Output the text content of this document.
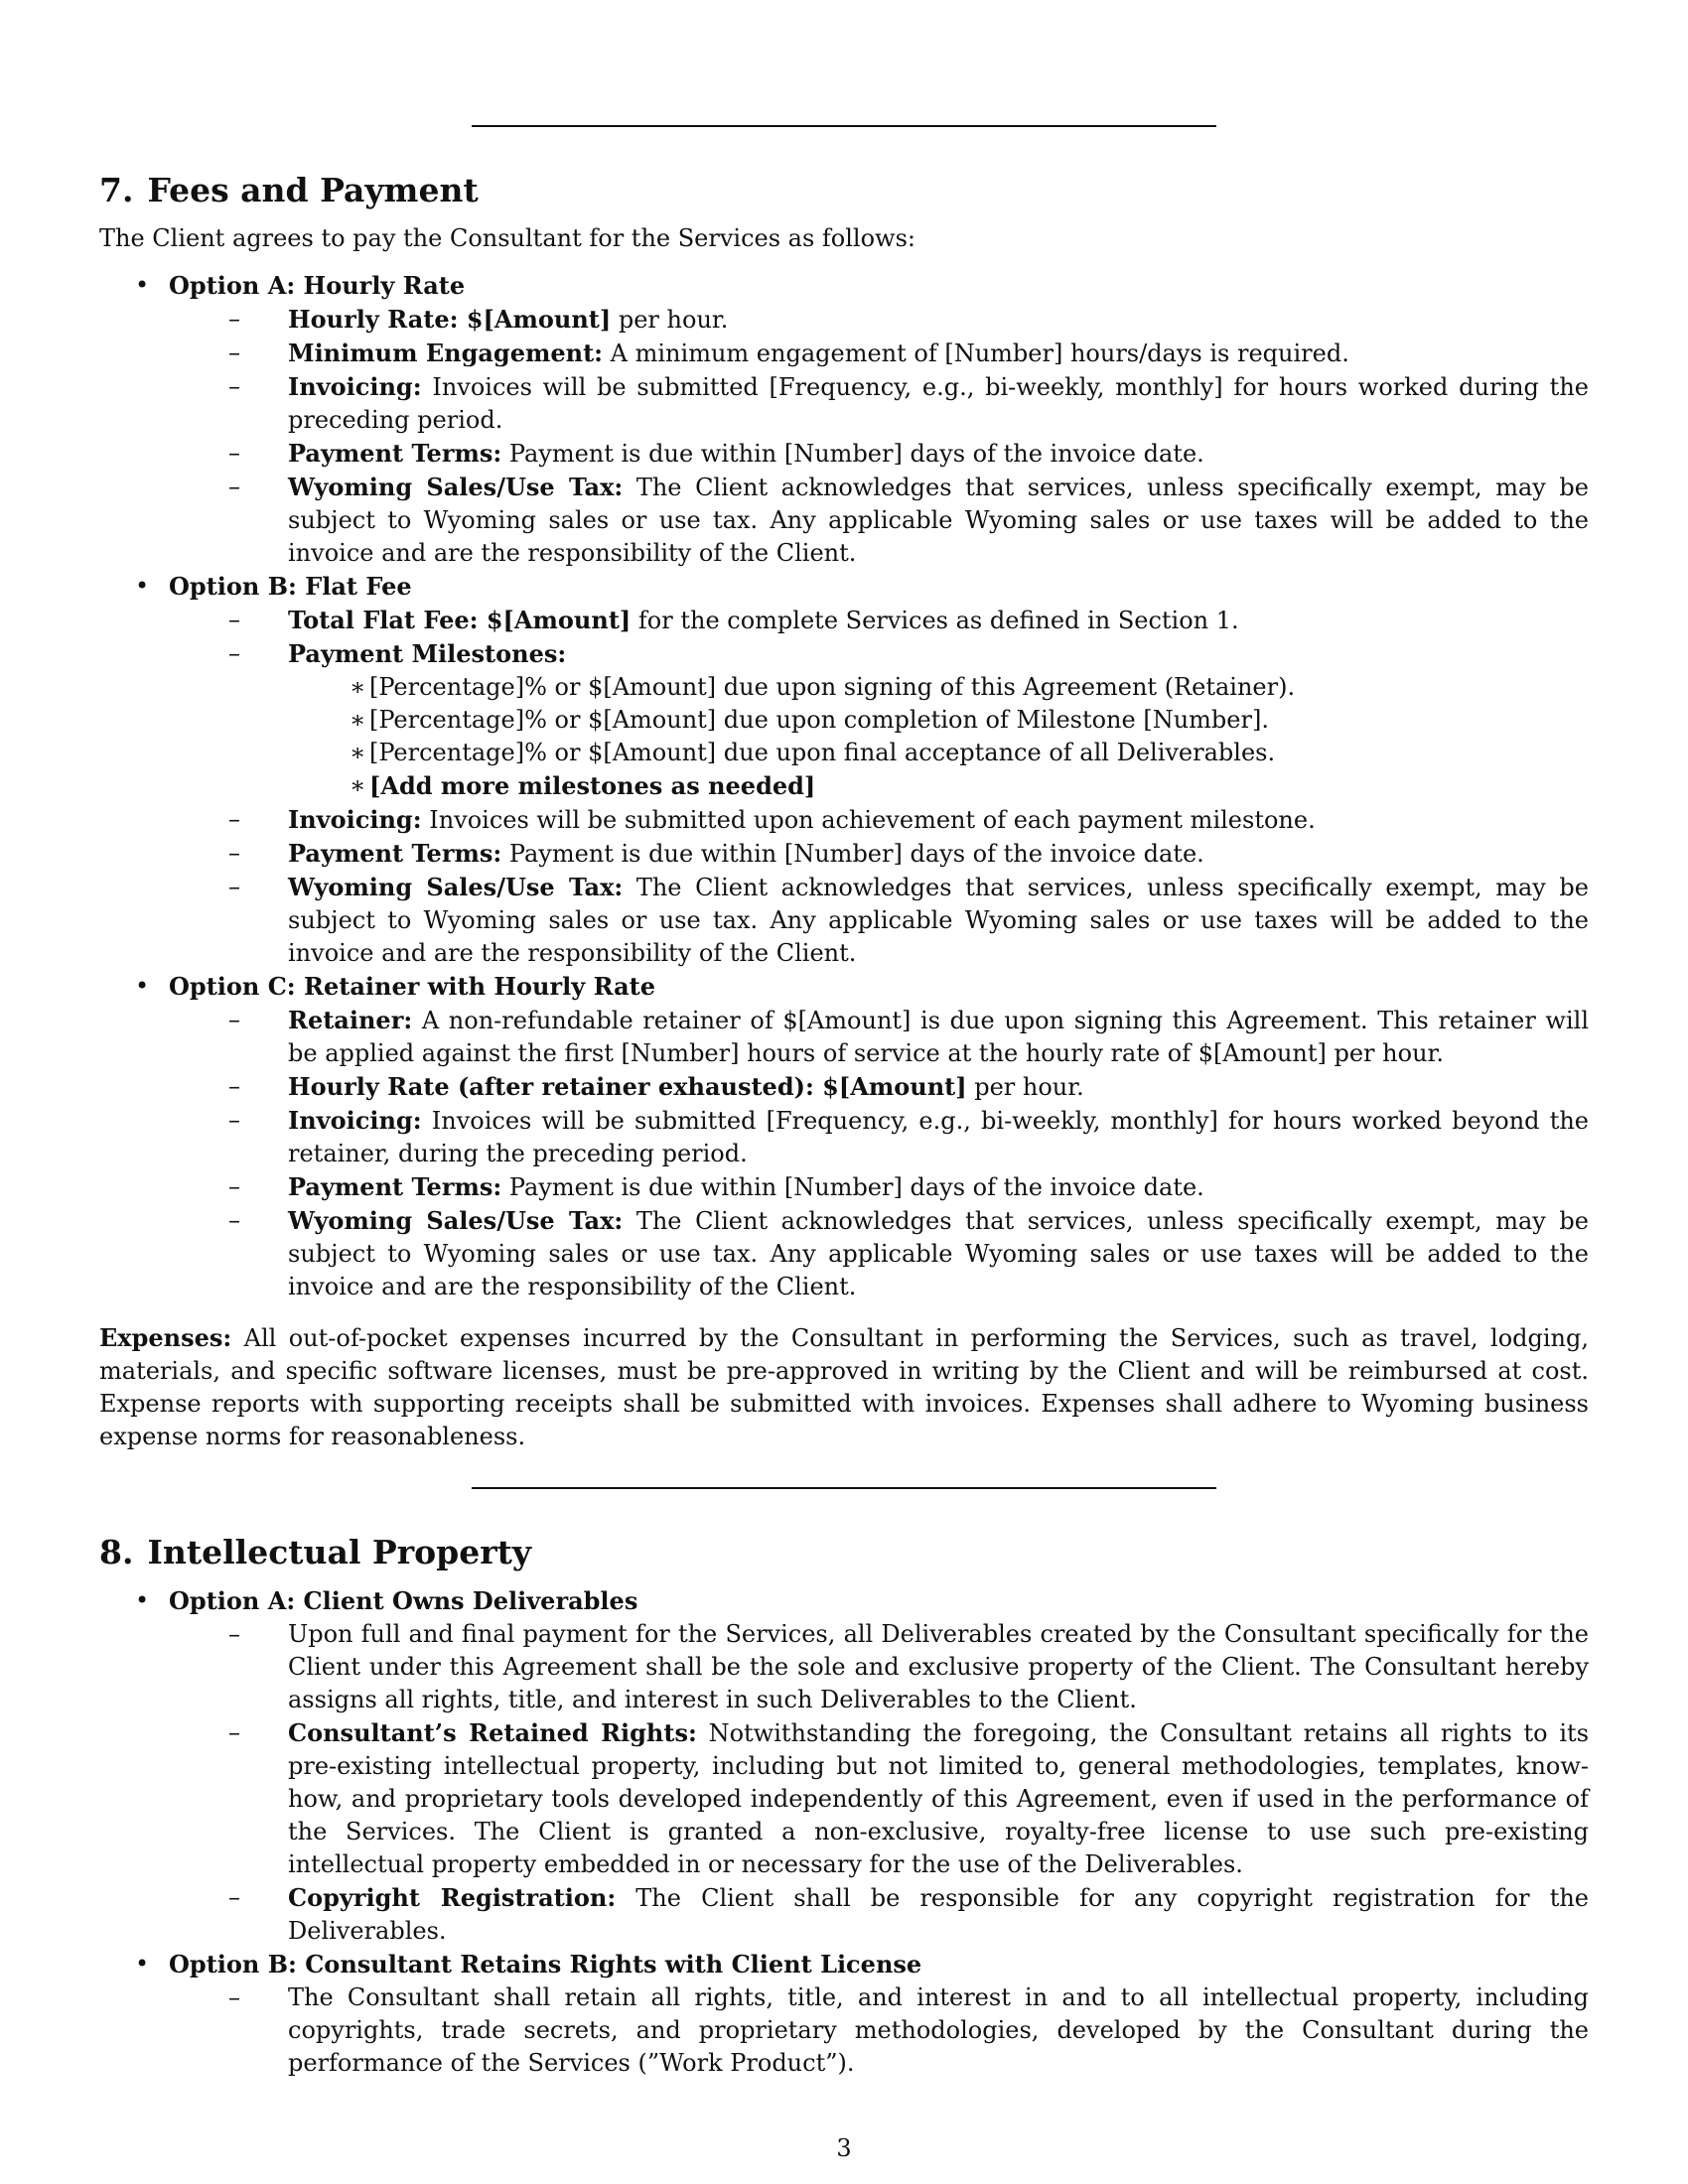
7. Fees and Payment

The Client agrees to pay the Consultant for the Services as follows:

• Option A: Hourly Rate
– Hourly Rate: $[Amount] per hour.
– Minimum Engagement: A minimum engagement of [Number] hours/days is required.
– Invoicing: Invoices will be submitted [Frequency, e.g., bi-weekly, monthly] for hours worked during the preceding period.
– Payment Terms: Payment is due within [Number] days of the invoice date.
– Wyoming Sales/Use Tax: The Client acknowledges that services, unless specifically exempt, may be subject to Wyoming sales or use tax. Any applicable Wyoming sales or use taxes will be added to the invoice and are the responsibility of the Client.
• Option B: Flat Fee
– Total Flat Fee: $[Amount] for the complete Services as defined in Section 1.
– Payment Milestones:
∗ [Percentage]% or $[Amount] due upon signing of this Agreement (Retainer).
∗ [Percentage]% or $[Amount] due upon completion of Milestone [Number].
∗ [Percentage]% or $[Amount] due upon final acceptance of all Deliverables.
∗ [Add more milestones as needed]
– Invoicing: Invoices will be submitted upon achievement of each payment milestone.
– Payment Terms: Payment is due within [Number] days of the invoice date.
– Wyoming Sales/Use Tax: The Client acknowledges that services, unless specifically exempt, may be subject to Wyoming sales or use tax. Any applicable Wyoming sales or use taxes will be added to the invoice and are the responsibility of the Client.
• Option C: Retainer with Hourly Rate
– Retainer: A non-refundable retainer of $[Amount] is due upon signing this Agreement. This retainer will be applied against the first [Number] hours of service at the hourly rate of $[Amount] per hour.
– Hourly Rate (after retainer exhausted): $[Amount] per hour.
– Invoicing: Invoices will be submitted [Frequency, e.g., bi-weekly, monthly] for hours worked beyond the retainer, during the preceding period.
– Payment Terms: Payment is due within [Number] days of the invoice date.
– Wyoming Sales/Use Tax: The Client acknowledges that services, unless specifically exempt, may be subject to Wyoming sales or use tax. Any applicable Wyoming sales or use taxes will be added to the invoice and are the responsibility of the Client.

Expenses: All out-of-pocket expenses incurred by the Consultant in performing the Services, such as travel, lodging, materials, and specific software licenses, must be pre-approved in writing by the Client and will be reimbursed at cost. Expense reports with supporting receipts shall be submitted with invoices. Expenses shall adhere to Wyoming business expense norms for reasonableness.

8. Intellectual Property
• Option A: Client Owns Deliverables
– Upon full and final payment for the Services, all Deliverables created by the Consultant specifically for the Client under this Agreement shall be the sole and exclusive property of the Client. The Consultant hereby assigns all rights, title, and interest in such Deliverables to the Client.
– Consultant’s Retained Rights: Notwithstanding the foregoing, the Consultant retains all rights to its pre-existing intellectual property, including but not limited to, general methodologies, templates, know-how, and proprietary tools developed independently of this Agreement, even if used in the performance of the Services. The Client is granted a non-exclusive, royalty-free license to use such pre-existing intellectual property embedded in or necessary for the use of the Deliverables.
– Copyright Registration: The Client shall be responsible for any copyright registration for the Deliverables.
• Option B: Consultant Retains Rights with Client License
– The Consultant shall retain all rights, title, and interest in and to all intellectual property, including copyrights, trade secrets, and proprietary methodologies, developed by the Consultant during the performance of the Services (”Work Product”).
3
